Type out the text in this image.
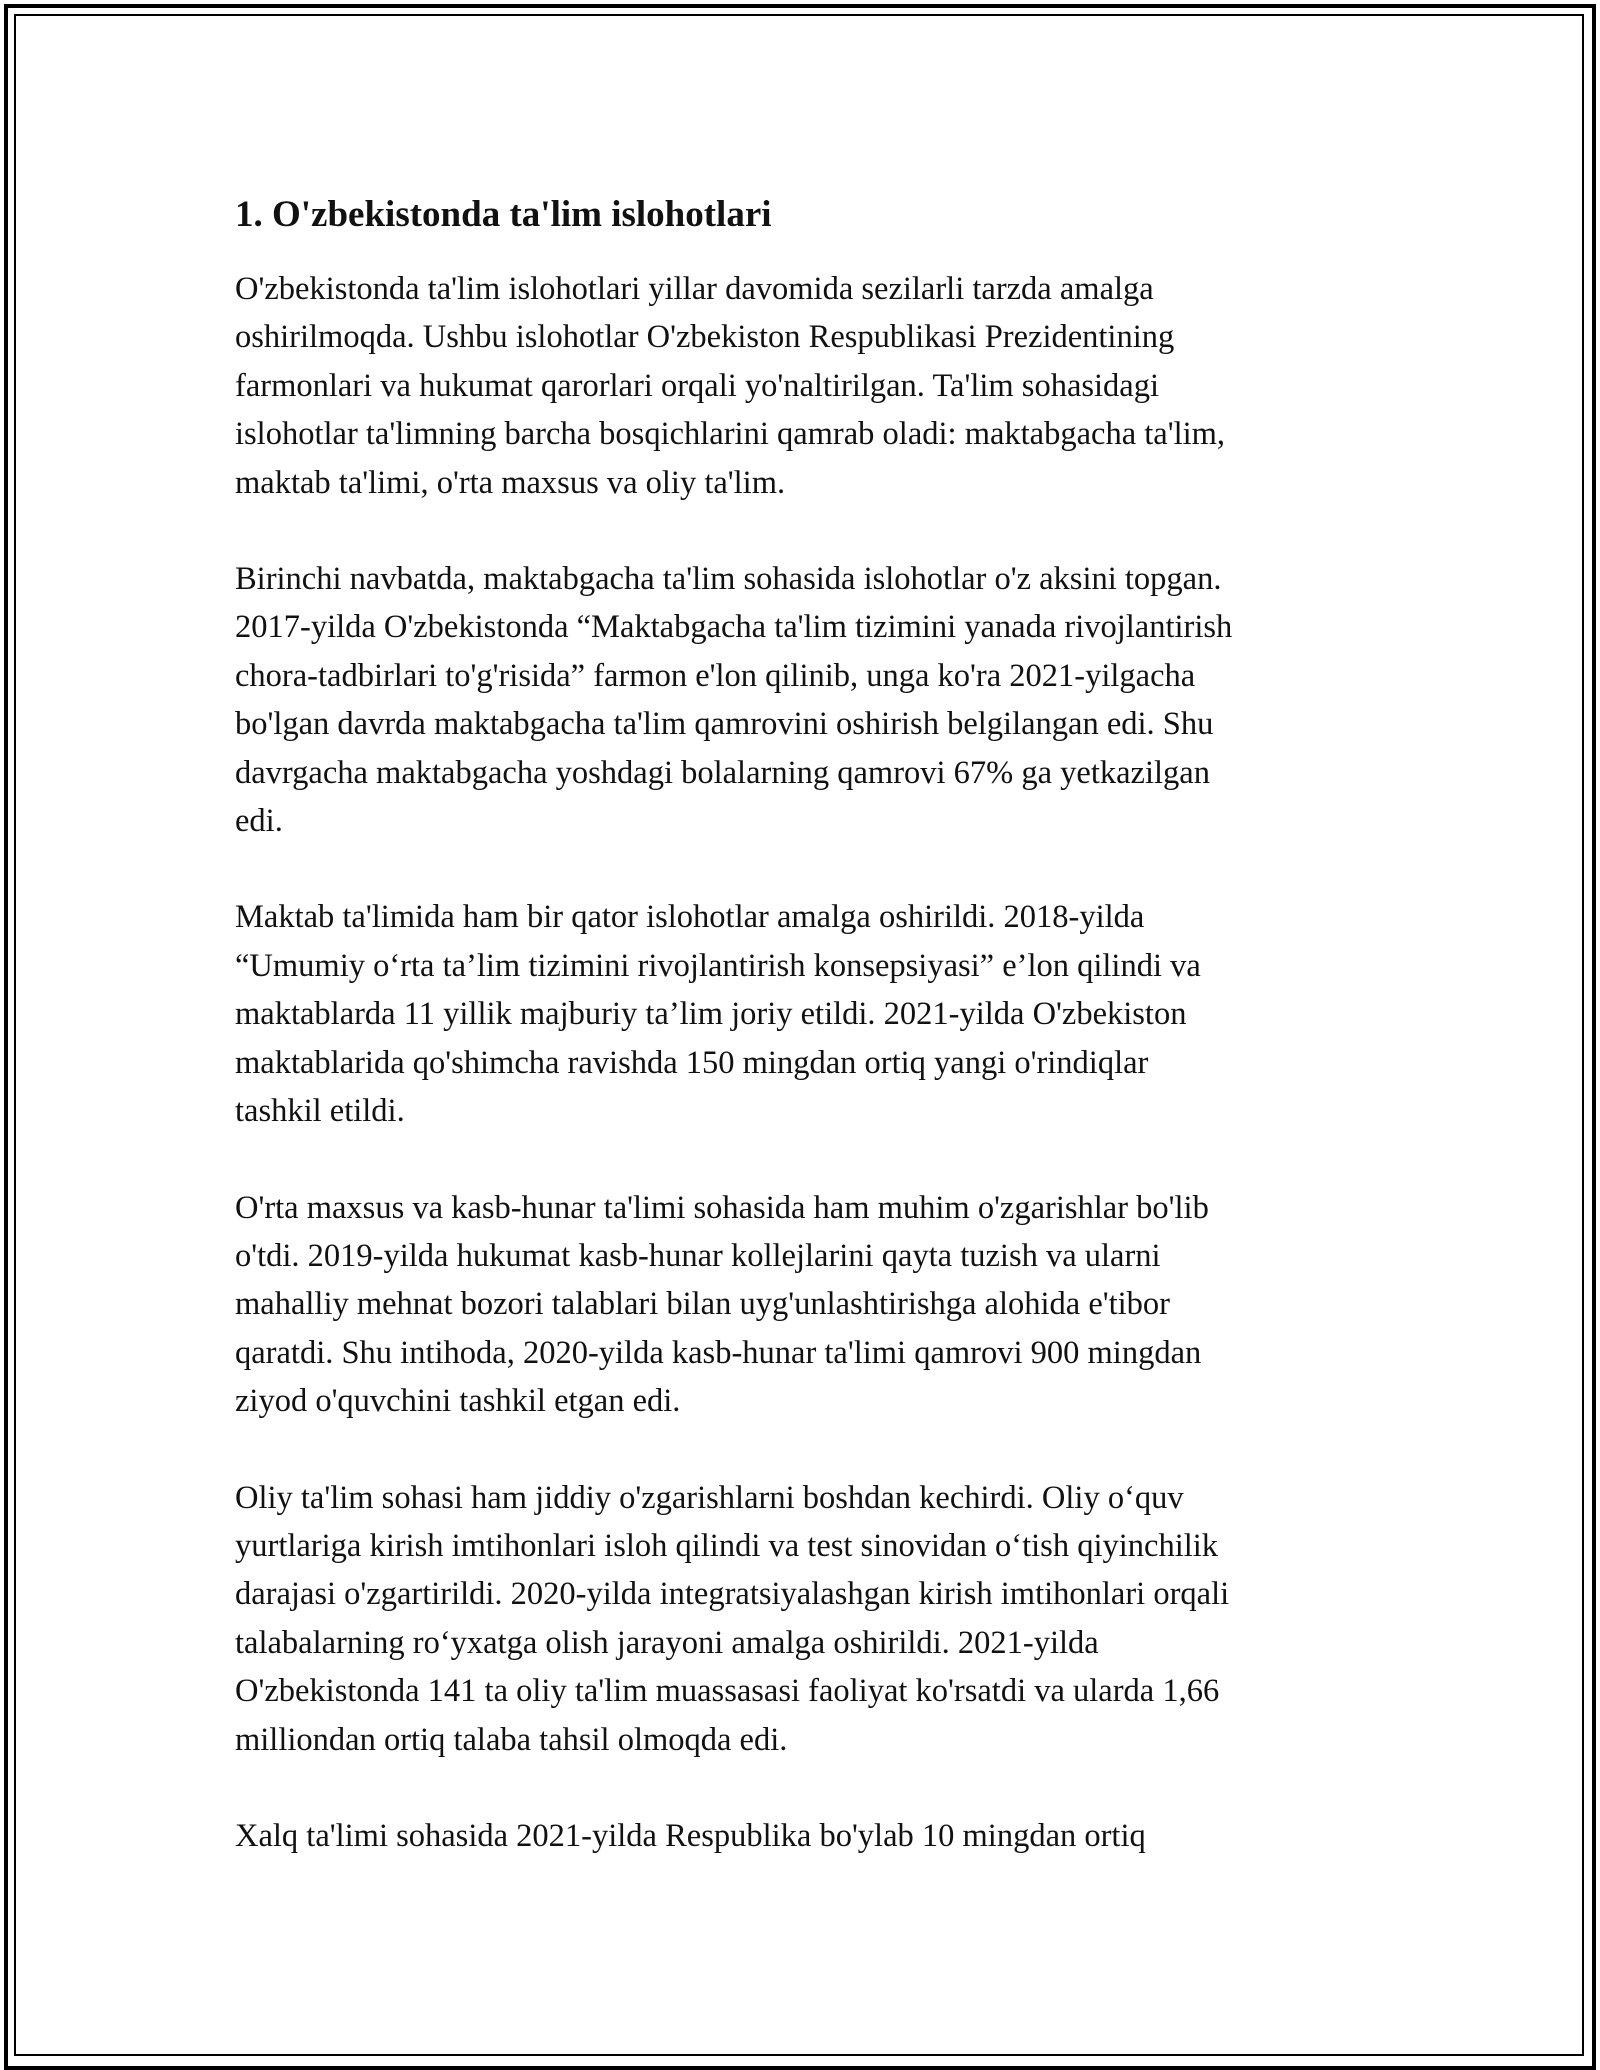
1. O'zbekistonda ta'lim islohotlari

O'zbekistonda ta'lim islohotlari yillar davomida sezilarli tarzda amalga
oshirilmoqda. Ushbu islohotlar O'zbekiston Respublikasi Prezidentining
farmonlari va hukumat qarorlari orqali yo'naltirilgan. Ta'lim sohasidagi
islohotlar ta'limning barcha bosqichlarini qamrab oladi: maktabgacha ta'lim,
maktab ta'limi, o'rta maxsus va oliy ta'lim.

Birinchi navbatda, maktabgacha ta'lim sohasida islohotlar o'z aksini topgan.
2017-yilda O'zbekistonda “Maktabgacha ta'lim tizimini yanada rivojlantirish
chora-tadbirlari to'g'risida” farmon e'lon qilinib, unga ko'ra 2021-yilgacha
bo'lgan davrda maktabgacha ta'lim qamrovini oshirish belgilangan edi. Shu
davrgacha maktabgacha yoshdagi bolalarning qamrovi 67% ga yetkazilgan
edi.

Maktab ta'limida ham bir qator islohotlar amalga oshirildi. 2018-yilda
“Umumiy o‘rta ta’lim tizimini rivojlantirish konsepsiyasi” e’lon qilindi va
maktablarda 11 yillik majburiy ta’lim joriy etildi. 2021-yilda O'zbekiston
maktablarida qo'shimcha ravishda 150 mingdan ortiq yangi o'rindiqlar
tashkil etildi.

O'rta maxsus va kasb-hunar ta'limi sohasida ham muhim o'zgarishlar bo'lib
o'tdi. 2019-yilda hukumat kasb-hunar kollejlarini qayta tuzish va ularni
mahalliy mehnat bozori talablari bilan uyg'unlashtirishga alohida e'tibor
qaratdi. Shu intihoda, 2020-yilda kasb-hunar ta'limi qamrovi 900 mingdan
ziyod o'quvchini tashkil etgan edi.

Oliy ta'lim sohasi ham jiddiy o'zgarishlarni boshdan kechirdi. Oliy o‘quv
yurtlariga kirish imtihonlari isloh qilindi va test sinovidan o‘tish qiyinchilik
darajasi o'zgartirildi. 2020-yilda integratsiyalashgan kirish imtihonlari orqali
talabalarning ro‘yxatga olish jarayoni amalga oshirildi. 2021-yilda
O'zbekistonda 141 ta oliy ta'lim muassasasi faoliyat ko'rsatdi va ularda 1,66
milliondan ortiq talaba tahsil olmoqda edi.

Xalq ta'limi sohasida 2021-yilda Respublika bo'ylab 10 mingdan ortiq
